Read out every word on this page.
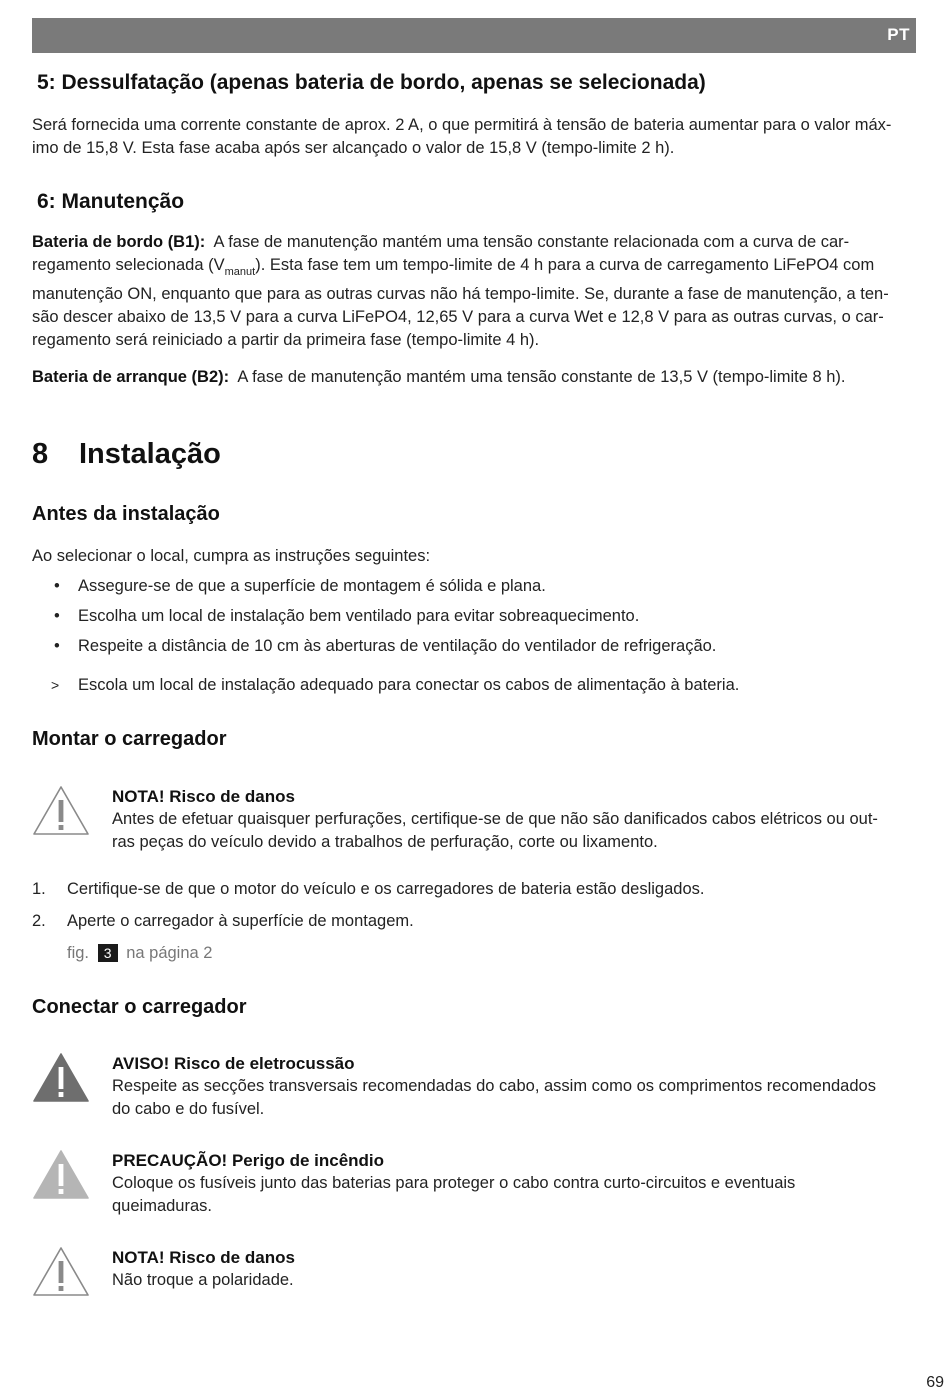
PT
5: Dessulfatação (apenas bateria de bordo, apenas se selecionada)

Será fornecida uma corrente constante de aprox. 2 A, o que permitirá à tensão de bateria aumentar para o valor máx-
imo de 15,8 V. Esta fase acaba após ser alcançado o valor de 15,8 V (tempo-limite 2 h).

6: Manutenção

Bateria de bordo (B1): A fase de manutenção mantém uma tensão constante relacionada com a curva de car-
regamento selecionada $(V_{manut})$. Esta fase tem um tempo-limite de 4 h para a curva de carregamento LiFePO4 com

manutenção ON, enquanto que para as outras curvas não há tempo-limite. Se, durante a fase de manutenção, a ten-
são descer abaixo de 13,5 V para a curva LiFePO4, 12,65 V para a curva Wet e 12,8 V para as outras curvas, o car-
regamento será reiniciado a partir da primeira fase (tempo-limite 4 h).

Bateria de arranque (B2): A fase de manutenção mantém uma tensão constante de 13,5 V (tempo-limite 8 h).

8 Instalação
Antes da instalação

Ao selecionar o local, cumpra as instruções seguintes:

• Assegure-se de que a superfície de montagem é sólida e plana.
• Escolha um local de instalação bem ventilado para evitar sobreaquecimento.
• Respeite a distância de 10 cm às aberturas de ventilação do ventilador de refrigeração.
> Escola um local de instalação adequado para conectar os cabos de alimentação à bateria.
Montar o carregador
NOTA! Risco de danos
Antes de efetuar quaisquer perfurações, certifique-se de que não são danificados cabos elétricos ou out-
ras peças do veículo devido a trabalhos de perfuração, corte ou lixamento.
1. Certifique-se de que o motor do veículo e os carregadores de bateria estão desligados.
2. Aperte o carregador à superfície de montagem.
fig. 3 na página 2
Conectar o carregador
AVISO! Risco de eletrocussão
Respeite as secções transversais recomendadas do cabo, assim como os comprimentos recomendados
do cabo e do fusível.
PRECAUÇÃO! Perigo de incêndio
Coloque os fusíveis junto das baterias para proteger o cabo contra curto-circuitos e eventuais
queimaduras.
NOTA! Risco de danos
Não troque a polaridade.
69
